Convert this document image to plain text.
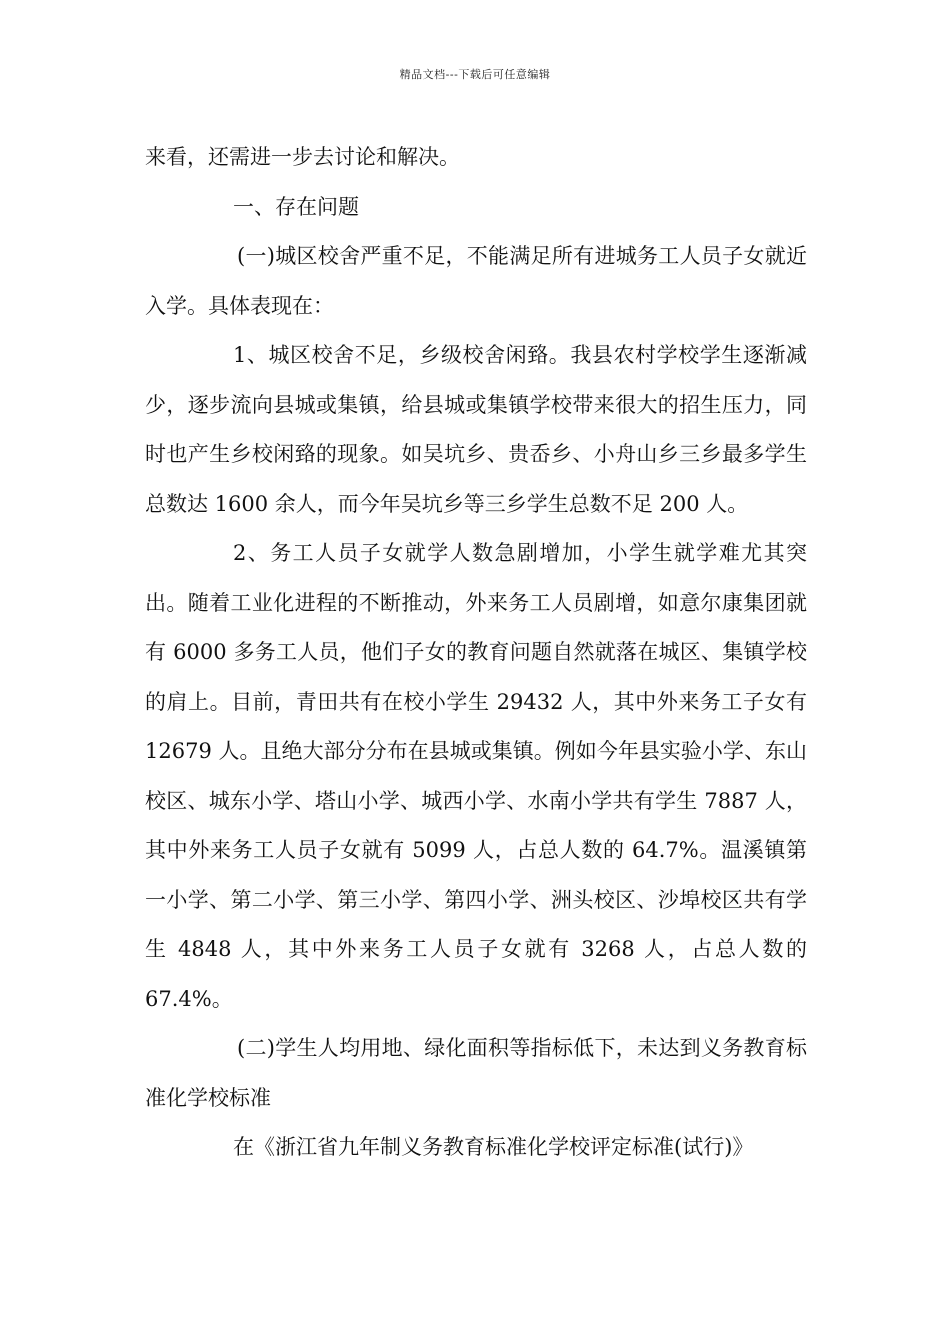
精品文档---下载后可任意编辑

来看，还需进一步去讨论和解决。

一、存在问题

(一)城区校舍严重不足，不能满足所有进城务工人员子女就近入学。具体表现在：

1、城区校舍不足，乡级校舍闲臵。我县农村学校学生逐渐减少，逐步流向县城或集镇，给县城或集镇学校带来很大的招生压力，同时也产生乡校闲臵的现象。如吴坑乡、贵岙乡、小舟山乡三乡最多学生总数达 1600 余人，而今年吴坑乡等三乡学生总数不足 200 人。

2、务工人员子女就学人数急剧增加，小学生就学难尤其突出。随着工业化进程的不断推动，外来务工人员剧增，如意尔康集团就有 6000 多务工人员，他们子女的教育问题自然就落在城区、集镇学校的肩上。目前，青田共有在校小学生 29432 人，其中外来务工子女有 12679 人。且绝大部分分布在县城或集镇。例如今年县实验小学、东山校区、城东小学、塔山小学、城西小学、水南小学共有学生 7887 人，其中外来务工人员子女就有 5099 人，占总人数的 64.7%。温溪镇第一小学、第二小学、第三小学、第四小学、洲头校区、沙埠校区共有学生 4848 人，其中外来务工人员子女就有 3268 人，占总人数的 67.4%。

(二)学生人均用地、绿化面积等指标低下，未达到义务教育标准化学校标准

在《浙江省九年制义务教育标准化学校评定标准(试行)》
